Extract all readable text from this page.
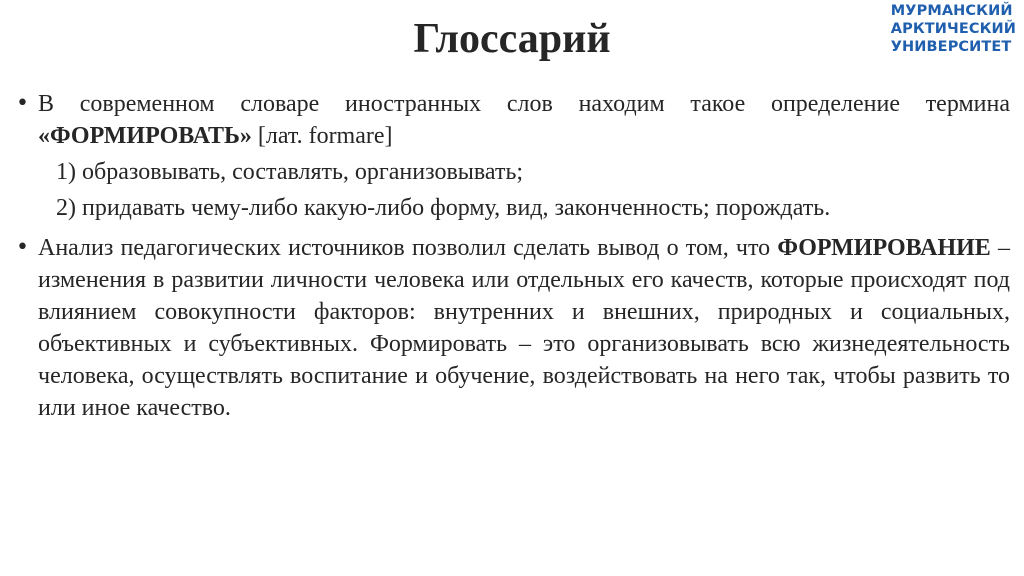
Глоссарий
МУРМАНСКИЙ
АРКТИЧЕСКИЙ
УНИВЕРСИТЕТ
• В современном словаре иностранных слов находим такое определение термина «ФОРМИРОВАТЬ» [лат. formare]
1) образовывать, составлять, организовывать;
2) придавать чему-либо какую-либо форму, вид, законченность; порождать.
• Анализ педагогических источников позволил сделать вывод о том, что ФОРМИРОВАНИЕ – изменения в развитии личности человека или отдельных его качеств, которые происходят под влиянием совокупности факторов: внутренних и внешних, природных и социальных, объективных и субъективных. Формировать – это организовывать всю жизнедеятельность человека, осуществлять воспитание и обучение, воздействовать на него так, чтобы развить то или иное качество.
